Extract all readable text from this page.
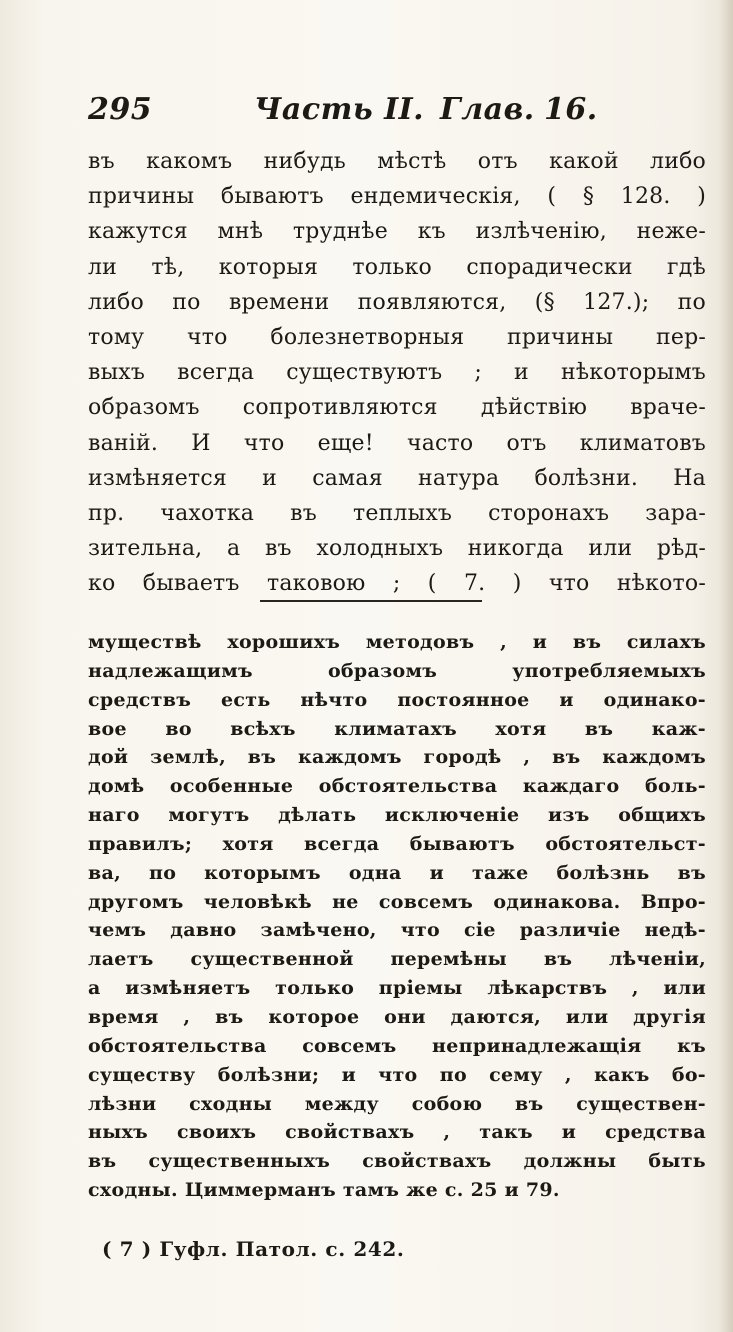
295	Часть II. Глав. 16.
въ какомъ нибудь мѣстѣ отъ какой либо
причины бываютъ ендемическія, ( § 128. )
кажутся мнѣ труднѣе къ излѣченію, неже-
ли тѣ, которыя только спорадически гдѣ
либо по времени появляются, (§ 127.); по
тому что болезнетворныя причины пер-
выхъ всегда существуютъ ; и нѣкоторымъ
образомъ сопротивляются дѣйствію враче-
ванiй. И что еще! часто отъ климатовъ
измѣняется и самая натура болѣзни. На
пр. чахотка въ теплыхъ сторонахъ зара-
зительна, а въ холодныхъ никогда или рѣд-
ко бываетъ таковою ; ( 7. ) что нѣкото-
муществѣ хорошихъ методовъ , и въ силахъ
надлежащимъ образомъ употребляемыхъ
средствъ есть нѣчто постоянное и одинако-
вое во всѣхъ климатахъ хотя въ каж-
дой землѣ, въ каждомъ городѣ , въ каждомъ
домѣ особенные обстоятельства каждаго боль-
наго могутъ дѣлать исключеніе изъ общихъ
правилъ; хотя всегда бываютъ обстоятельст-
ва, по которымъ одна и таже болѣзнь въ
другомъ человѣкѣ не совсемъ одинакова. Впро-
чемъ давно замѣчено, что сіе различіе недѣ-
лаетъ существенной перемѣны въ лѣченіи,
а измѣняетъ только пріемы лѣкарствъ , или
время , въ которое они даются, или другія
обстоятельства совсемъ непринадлежащія къ
существу болѣзни; и что по сему , какъ бо-
лѣзни сходны между собою въ существен-
ныхъ своихъ свойствахъ , такъ и средства
въ существенныхъ свойствахъ должны быть
сходны. Циммерманъ тамъ же с. 25 и 79.
( 7 ) Гуфл. Патол. с. 242.
